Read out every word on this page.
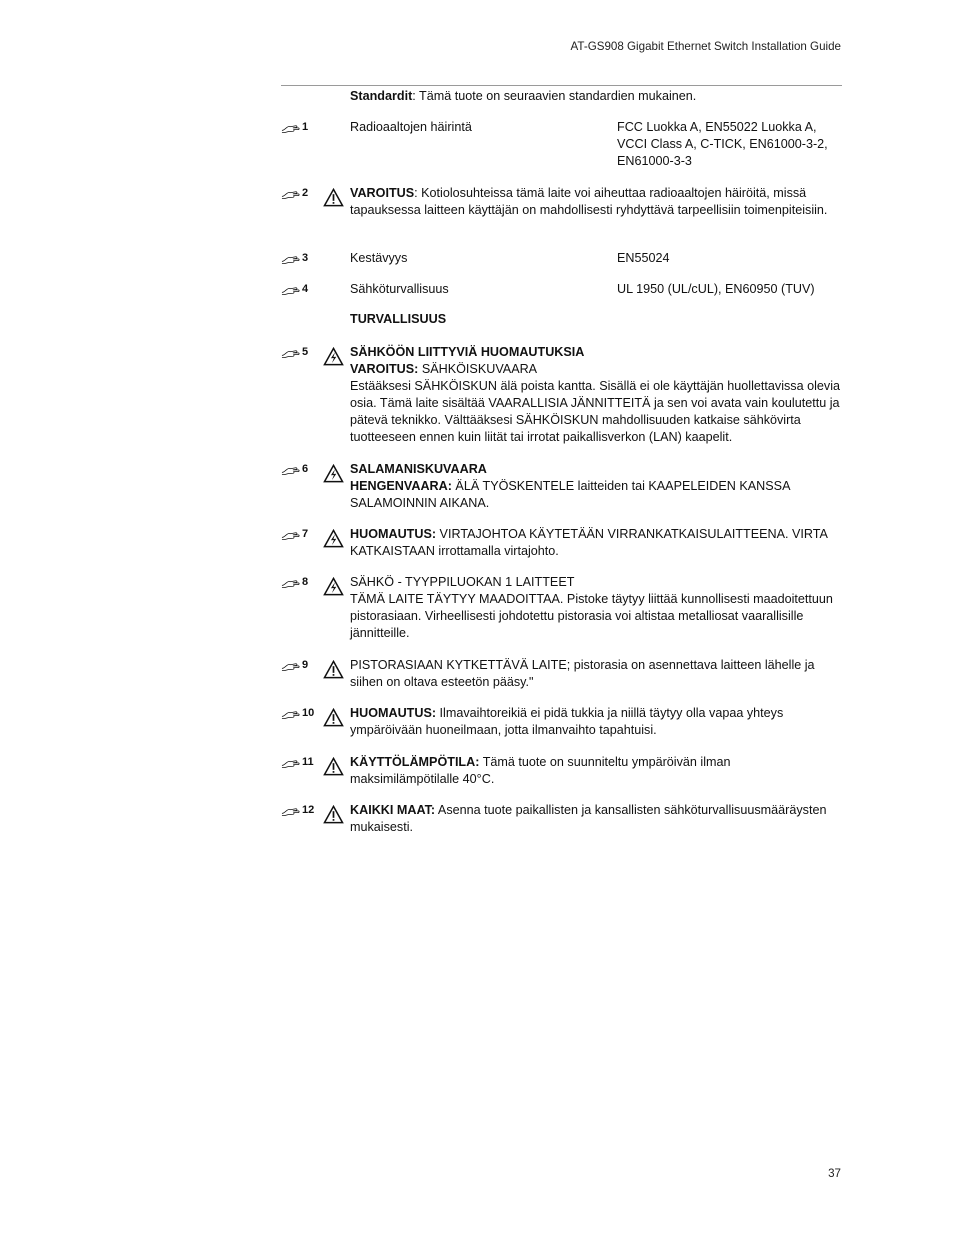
AT-GS908 Gigabit Ethernet Switch Installation Guide
Standardit: Tämä tuote on seuraavien standardien mukainen.
1	Radioaaltojen häirintä	FCC Luokka A, EN55022 Luokka A, VCCI Class A, C-TICK, EN61000-3-2, EN61000-3-3
2	VAROITUS: Kotiolosuhteissa tämä laite voi aiheuttaa radioaaltojen häiröitä, missä tapauksessa laitteen käyttäjän on mahdollisesti ryhdyttävä tarpeellisiin toimenpiteisiin.
3	Kestävyys	EN55024
4	Sähköturvallisuus	UL 1950 (UL/cUL), EN60950 (TUV)
TURVALLISUUS
5	SÄHKÖÖN LIITTYVIÄ HUOMAUTUKSIA
VAROITUS: SÄHKÖISKUVAARA
Estääksesi SÄHKÖISKUN älä poista kantta. Sisällä ei ole käyttäjän huollettavissa olevia osia. Tämä laite sisältää VAARALLISIA JÄNNITTEITÄ ja sen voi avata vain koulutettu ja pätevä teknikko. Välttääksesi SÄHKÖISKUN mahdollisuuden katkaise sähkövirta tuotteeseen ennen kuin liität tai irrotat paikallisverkon (LAN) kaapelit.
6	SALAMANISKUVAARA
HENGENVAARA: ÄLÄ TYÖSKENTELE laitteiden tai KAAPELEIDEN KANSSA SALAMOINNIN AIKANA.
7	HUOMAUTUS: VIRTAJOHTOA KÄYTETÄÄN VIRRANKATKAISULAITTEENA. VIRTA KATKAISTAAN irrottamalla virtajohto.
8	SÄHKÖ - TYYPPILUOKAN 1 LAITTEET
TÄMÄ LAITE TÄYTYY MAADOITTAA. Pistoke täytyy liittää kunnollisesti maadoitettuun pistorasiaan. Virheellisesti johdotettu pistorasia voi altistaa metalliosat vaarallisille jännitteille.
9	PISTORASIAAN KYTKETTÄVÄ LAITE; pistorasia on asennettava laitteen lähelle ja siihen on oltava esteetön pääsy."
10	HUOMAUTUS: Ilmavaihtoreikiä ei pidä tukkia ja niillä täytyy olla vapaa yhteys ympäröivään huoneilmaan, jotta ilmanvaihto tapahtuisi.
11	KÄYTTÖLÄMPÖTILA: Tämä tuote on suunniteltu ympäröivän ilman maksimilämpötilalle 40°C.
12	KAIKKI MAAT: Asenna tuote paikallisten ja kansallisten sähköturvallisuusmääräysten mukaisesti.
37
